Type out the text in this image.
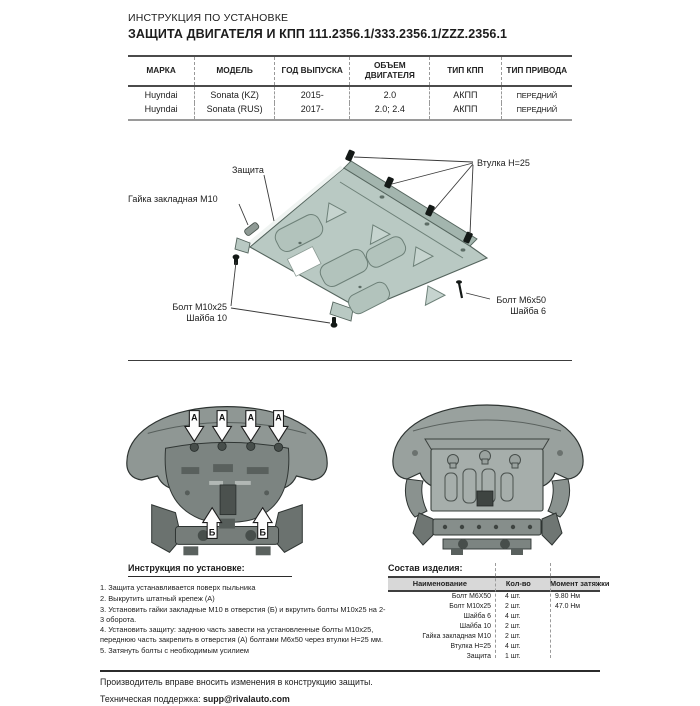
ИНСТРУКЦИЯ ПО УСТАНОВКЕ
ЗАЩИТА ДВИГАТЕЛЯ И КПП 111.2356.1/333.2356.1/ZZZ.2356.1
МАРКА	МОДЕЛЬ	ГОД ВЫПУСКА	ОБЪЕМ ДВИГАТЕЛЯ	ТИП КПП	ТИП ПРИВОДА
Huyndai	Sonata (KZ)	2015-	2.0	АКПП	ПЕРЕДНИЙ
Huyndai	Sonata (RUS)	2017-	2.0; 2.4	АКПП	ПЕРЕДНИЙ
Защита
Втулка H=25
Гайка закладная М10
Болт М10х25
Шайба 10
Болт М6х50
Шайба 6
А А А А
Б	Б
Инструкция по установке:
1. Защита устанавливается поверх пыльника
2. Выкрутить штатный крепеж (А)
3. Установить гайки закладные М10 в отверстия (Б) и вкрутить болты М10х25 на 2-3 оборота.
4. Установить защиту: заднюю часть завести на установленные болты М10х25, переднюю часть закрепить в отверстия (А) болтами М6х50 через втулки Н=25 мм.
5. Затянуть болты с необходимым усилием
Состав изделия:
Наименование	Кол-во	Момент затяжки
Болт М6Х50	4 шт.	9.80 Нм
Болт М10х25	2 шт.	47.0 Нм
Шайба 6	4 шт.
Шайба 10	2 шт.
Гайка закладная М10	2 шт.
Втулка Н=25	4 шт.
Защита	1 шт.
Производитель вправе вносить изменения в конструкцию защиты.
Техническая поддержка: supp@rivalauto.com
